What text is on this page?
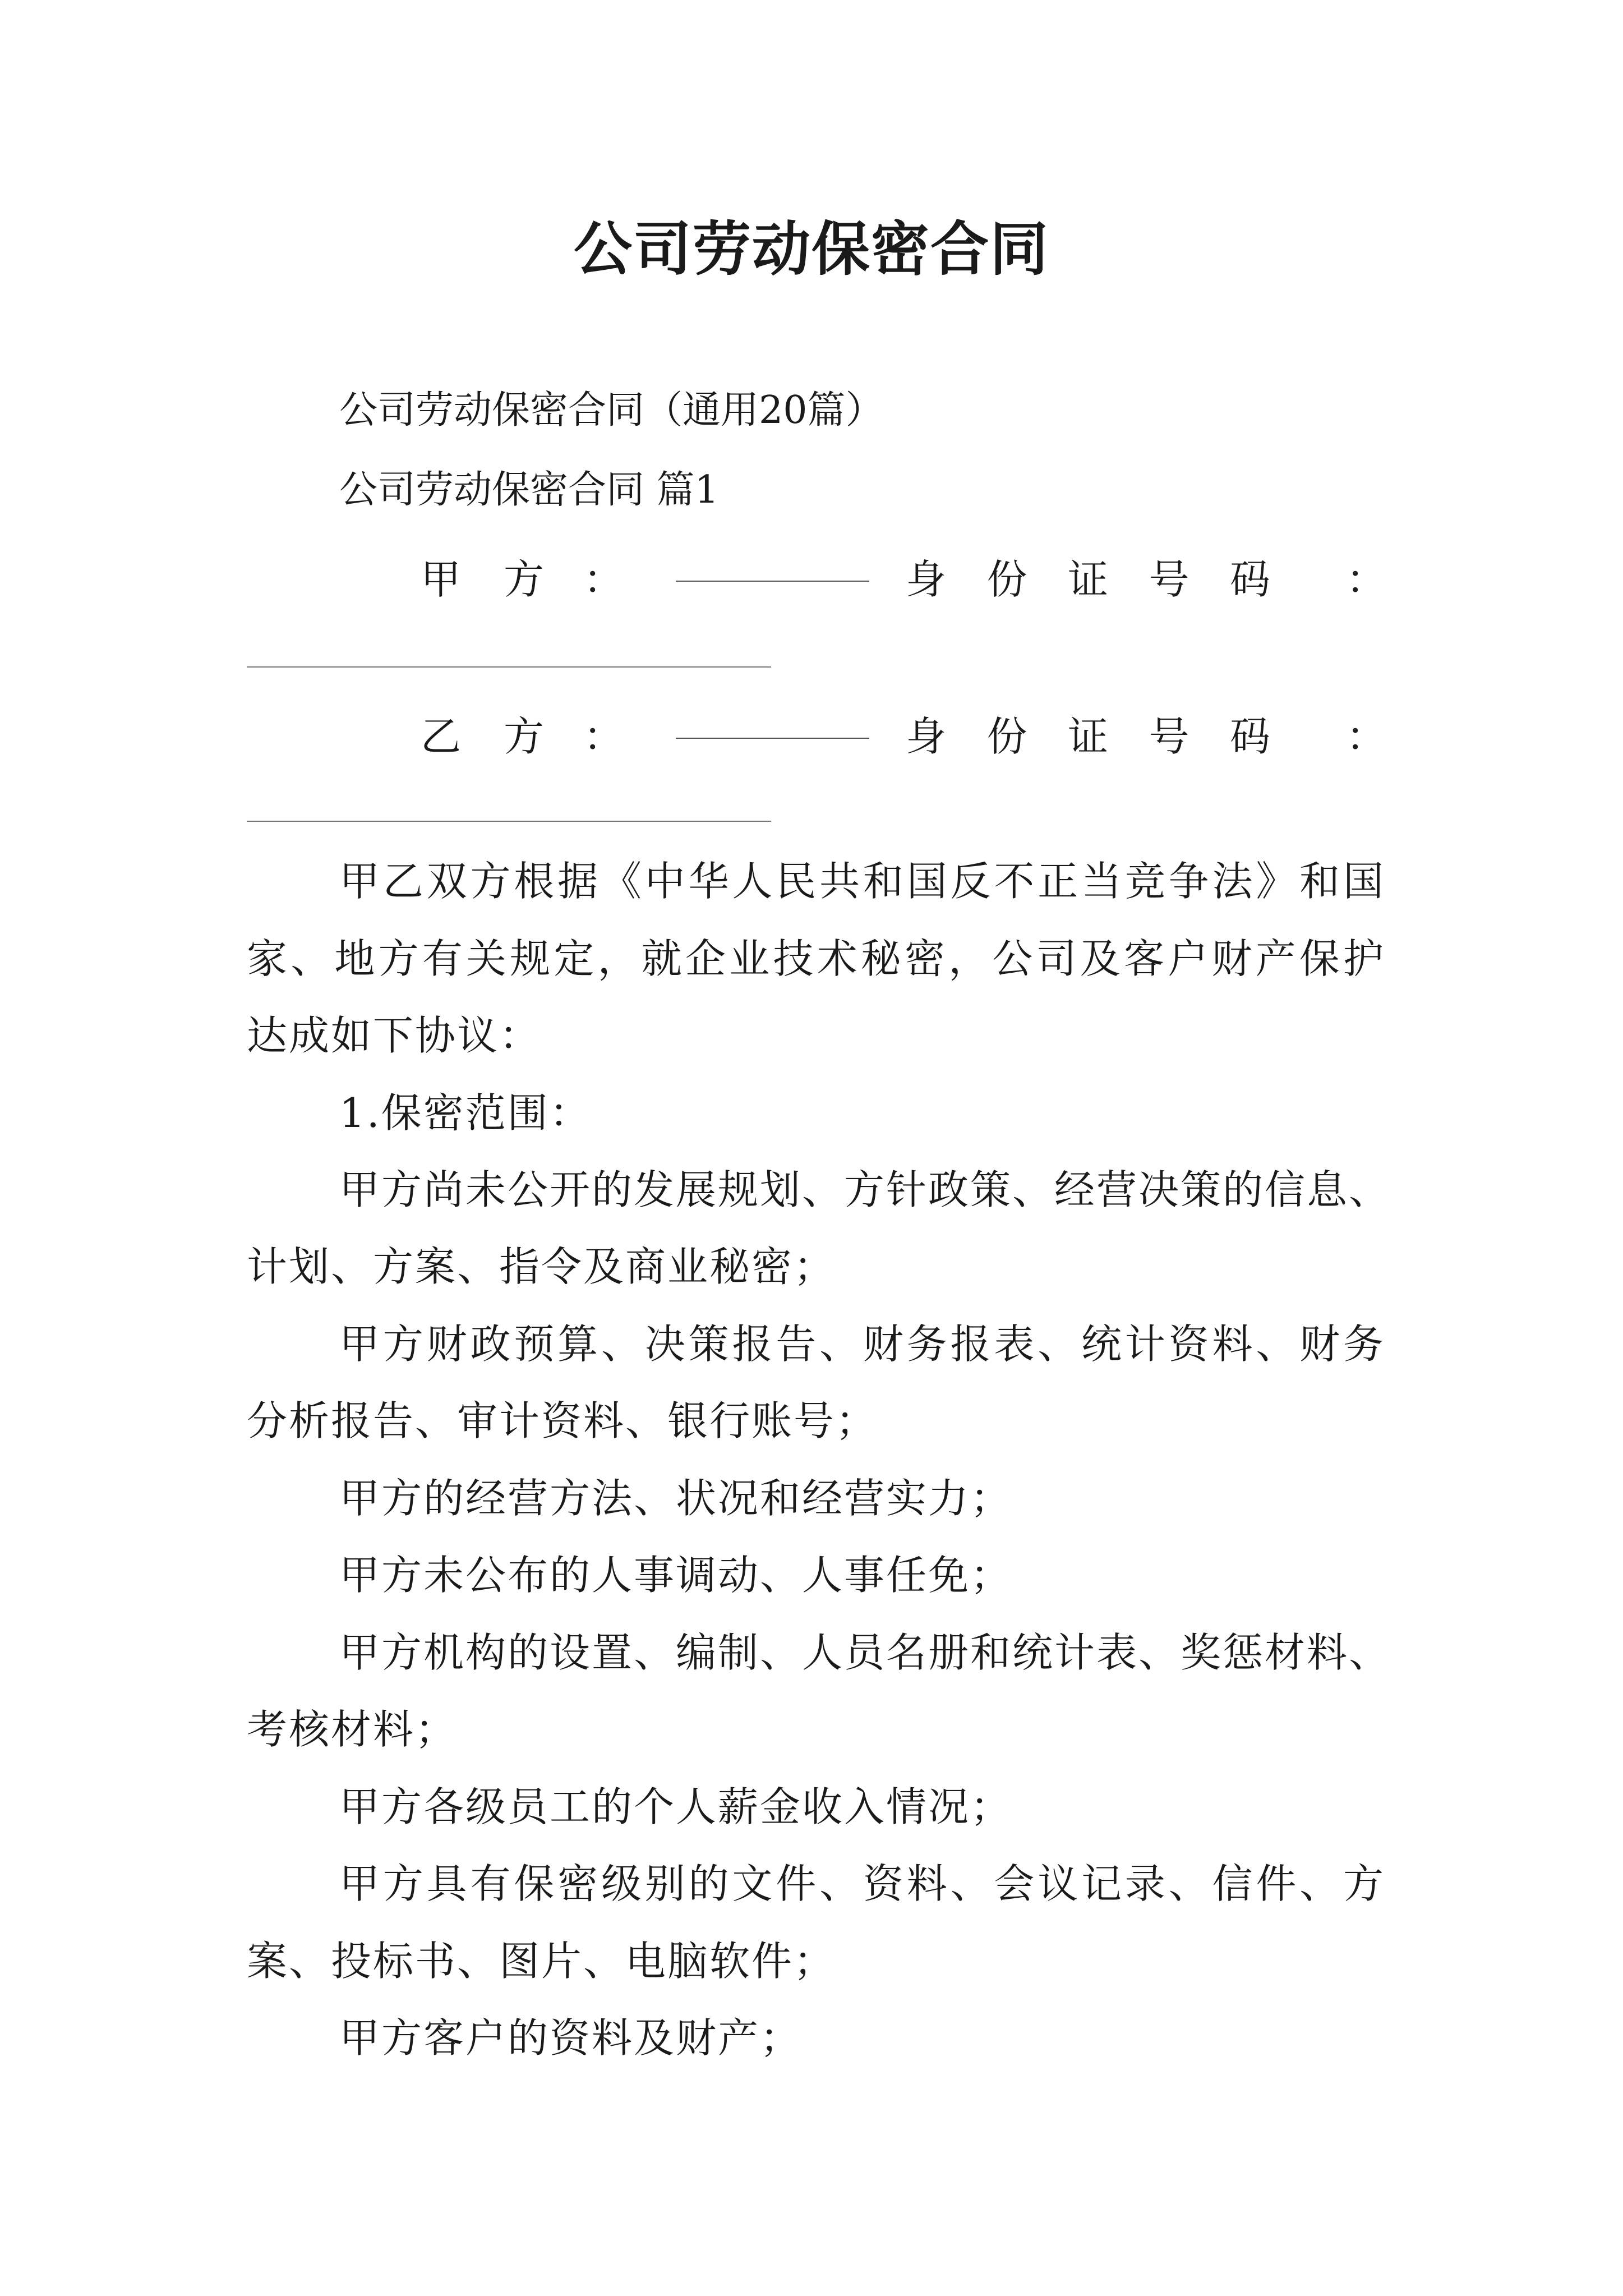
公司劳动保密合同
公司劳动保密合同（通用20篇）
公司劳动保密合同 篇1
甲方 ：	身份证号码 ：
乙方 ：	身份证号码 ：
甲乙双方根据《中华人民共和国反不正当竞争法》和国
家、地方有关规定，就企业技术秘密，公司及客户财产保护
达成如下协议：
1.保密范围：
甲方尚未公开的发展规划、方针政策、经营决策的信息、
计划、方案、指令及商业秘密；
甲方财政预算、决策报告、财务报表、统计资料、财务
分析报告、审计资料、银行账号；
甲方的经营方法、状况和经营实力；
甲方未公布的人事调动、人事任免；
甲方机构的设置、编制、人员名册和统计表、奖惩材料、
考核材料；
甲方各级员工的个人薪金收入情况；
甲方具有保密级别的文件、资料、会议记录、信件、方
案、投标书、图片、电脑软件；
甲方客户的资料及财产；
